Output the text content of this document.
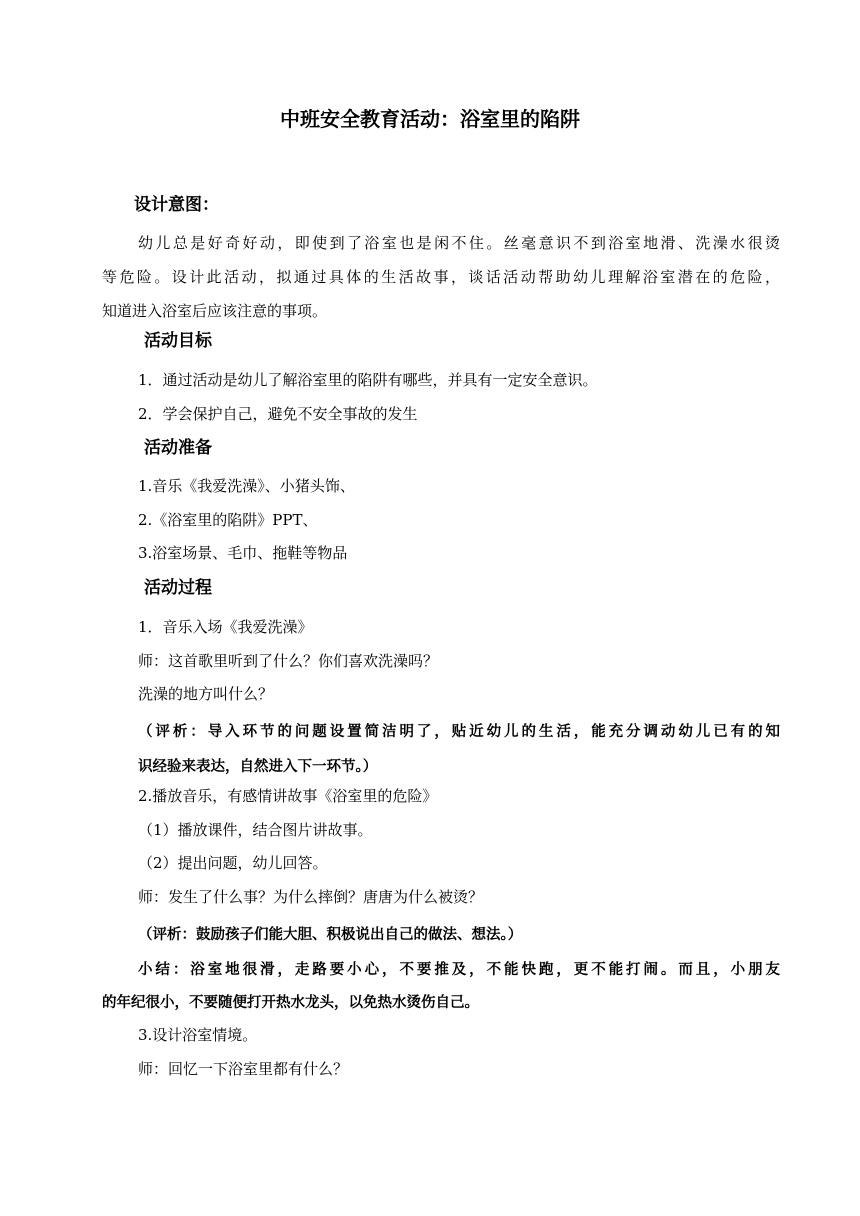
中班安全教育活动：浴室里的陷阱
设计意图：
幼儿总是好奇好动，即使到了浴室也是闲不住。丝毫意识不到浴室地滑、洗澡水很烫
等危险。设计此活动，拟通过具体的生活故事，谈话活动帮助幼儿理解浴室潜在的危险，
知道进入浴室后应该注意的事项。
活动目标
1．通过活动是幼儿了解浴室里的陷阱有哪些，并具有一定安全意识。
2．学会保护自己，避免不安全事故的发生
活动准备
1.音乐《我爱洗澡》、小猪头饰、
2.《浴室里的陷阱》PPT、
3.浴室场景、毛巾、拖鞋等物品
活动过程
1．音乐入场《我爱洗澡》
师：这首歌里听到了什么？你们喜欢洗澡吗？
洗澡的地方叫什么？
（评析：导入环节的问题设置简洁明了，贴近幼儿的生活，能充分调动幼儿已有的知
识经验来表达，自然进入下一环节。）
2.播放音乐，有感情讲故事《浴室里的危险》
（1）播放课件，结合图片讲故事。
（2）提出问题，幼儿回答。
师：发生了什么事？为什么摔倒？唐唐为什么被烫？
（评析：鼓励孩子们能大胆、积极说出自己的做法、想法。）
小结：浴室地很滑，走路要小心，不要推及，不能快跑，更不能打闹。而且，小朋友
的年纪很小，不要随便打开热水龙头，以免热水烫伤自己。
3.设计浴室情境。
师：回忆一下浴室里都有什么？
